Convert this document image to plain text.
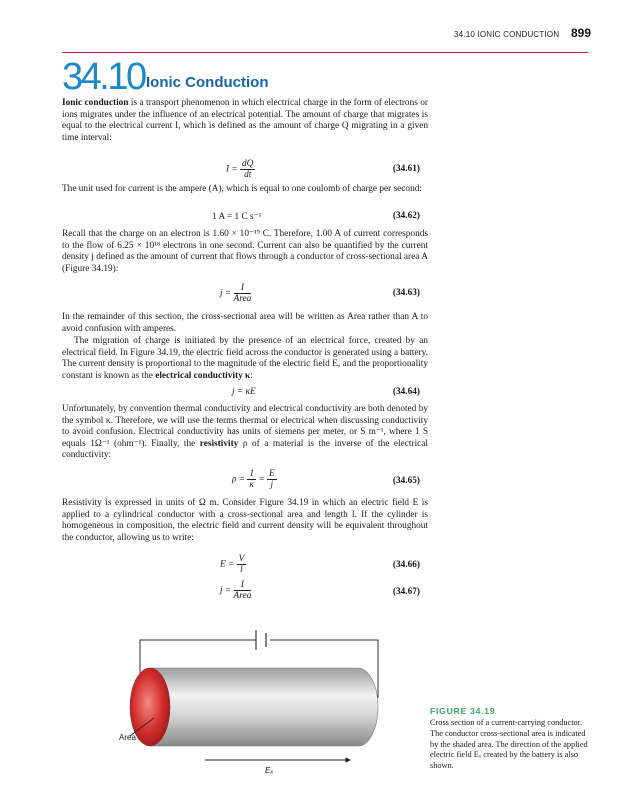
34.10 IONIC CONDUCTION 899
34.10 Ionic Conduction

Ionic conduction is a transport phenomenon in which electrical charge in the form of electrons or ions migrates under the influence of an electrical potential. The amount of charge that migrates is equal to the electrical current I, which is defined as the amount of charge Q migrating in a given time interval:

$I = \frac{dQ}{dt}$	(34.61)

The unit used for current is the ampere (A), which is equal to one coulomb of charge per second:

1 A = 1 C s⁻¹	(34.62)

Recall that the charge on an electron is 1.60 × 10⁻¹⁹ C. Therefore, 1.00 A of current corresponds to the flow of 6.25 × 10¹⁸ electrons in one second. Current can also be quantified by the current density j defined as the amount of current that flows through a conductor of cross-sectional area A (Figure 34.19):

$j = \frac{I}{\text{Area}}$	(34.63)

In the remainder of this section, the cross-sectional area will be written as Area rather than A to avoid confusion with amperes.

The migration of charge is initiated by the presence of an electrical force, created by an electrical field. In Figure 34.19, the electric field across the conductor is generated using a battery. The current density is proportional to the magnitude of the electric field E, and the proportionality constant is known as the electrical conductivity κ:

j = κE	(34.64)

Unfortunately, by convention thermal conductivity and electrical conductivity are both denoted by the symbol κ. Therefore, we will use the terms thermal or electrical when discussing conductivity to avoid confusion. Electrical conductivity has units of siemens per meter, or S m⁻¹, where 1 S equals 1Ω⁻¹ (ohm⁻¹). Finally, the resistivity ρ of a material is the inverse of the electrical conductivity:

$\rho = \frac{1}{\kappa} = \frac{E}{j}$	(34.65)

Resistivity is expressed in units of Ω m. Consider Figure 34.19 in which an electric field E is applied to a cylindrical conductor with a cross-sectional area and length l. If the cylinder is homogeneous in composition, the electric field and current density will be equivalent throughout the conductor, allowing us to write:

$E = \frac{V}{l}$	(34.66)
$j = \frac{I}{\text{Area}}$	(34.67)
Area
Eₓ
FIGURE 34.19
Cross section of a current-carrying conductor. The conductor cross-sectional area is indicated by the shaded area. The direction of the applied electric field Eₓ created by the battery is also shown.
